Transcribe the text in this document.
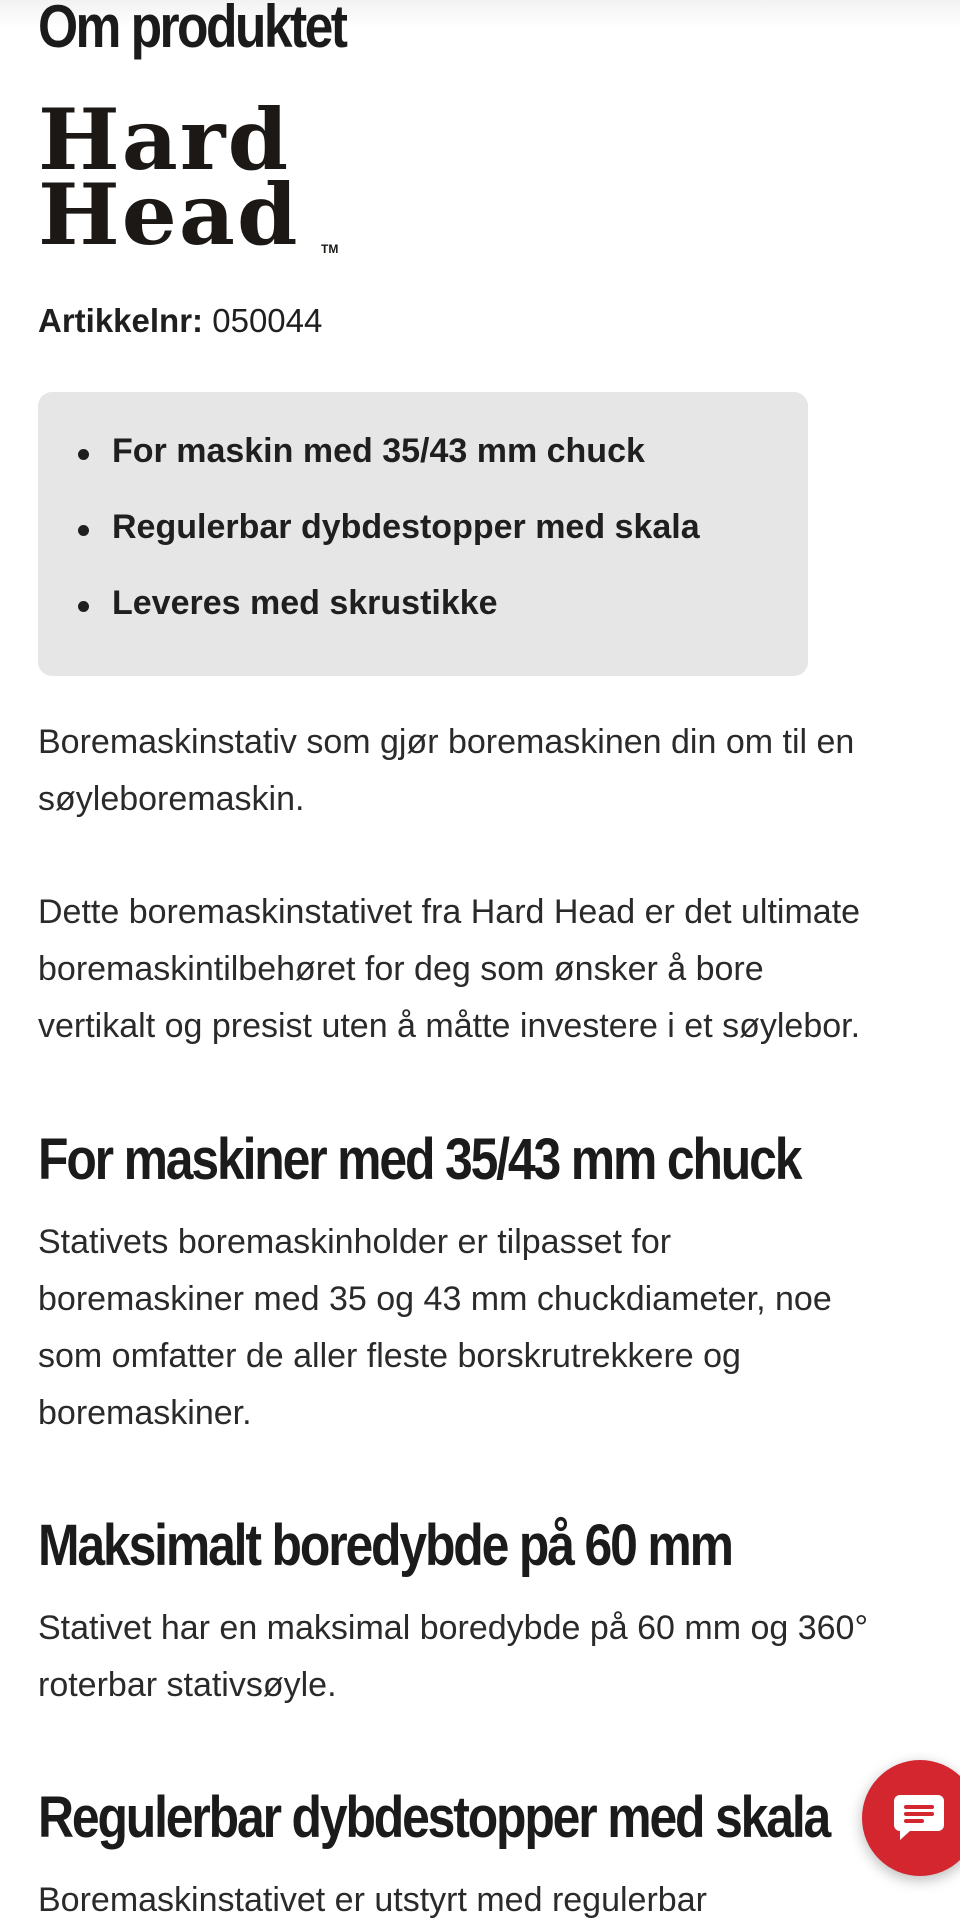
Om produktet
Hard
Head TM
Artikkelnr: 050044
For maskin med 35/43 mm chuck
Regulerbar dybdestopper med skala
Leveres med skrustikke

Boremaskinstativ som gjør boremaskinen din om til en
søyleboremaskin.

Dette boremaskinstativet fra Hard Head er det ultimate
boremaskintilbehøret for deg som ønsker å bore
vertikalt og presist uten å måtte investere i et søylebor.

For maskiner med 35/43 mm chuck

Stativets boremaskinholder er tilpasset for
boremaskiner med 35 og 43 mm chuckdiameter, noe
som omfatter de aller fleste borskrutrekkere og
boremaskiner.

Maksimalt boredybde på 60 mm

Stativet har en maksimal boredybde på 60 mm og 360°
roterbar stativsøyle.

Regulerbar dybdestopper med skala

Boremaskinstativet er utstyrt med regulerbar
